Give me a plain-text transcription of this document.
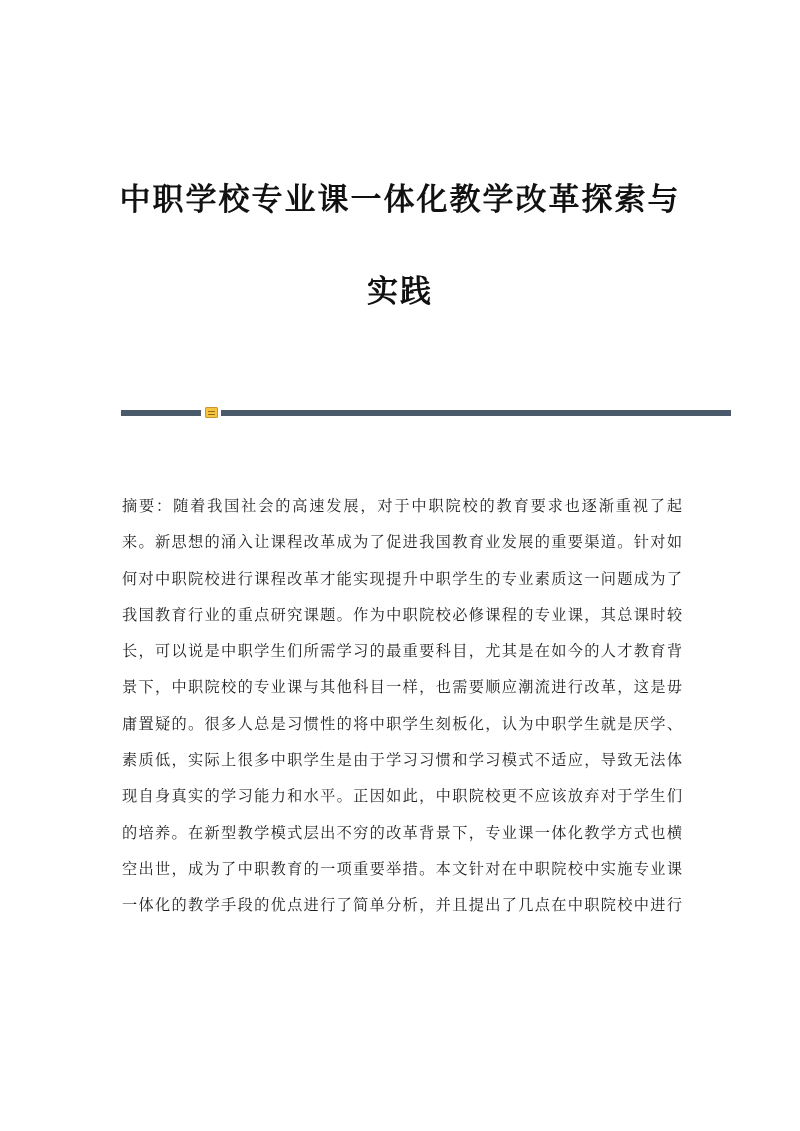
中职学校专业课一体化教学改革探索与
实践
摘要：随着我国社会的高速发展，对于中职院校的教育要求也逐渐重视了起
来。新思想的涌入让课程改革成为了促进我国教育业发展的重要渠道。针对如
何对中职院校进行课程改革才能实现提升中职学生的专业素质这一问题成为了
我国教育行业的重点研究课题。作为中职院校必修课程的专业课，其总课时较
长，可以说是中职学生们所需学习的最重要科目，尤其是在如今的人才教育背
景下，中职院校的专业课与其他科目一样，也需要顺应潮流进行改革，这是毋
庸置疑的。很多人总是习惯性的将中职学生刻板化，认为中职学生就是厌学、
素质低，实际上很多中职学生是由于学习习惯和学习模式不适应，导致无法体
现自身真实的学习能力和水平。正因如此，中职院校更不应该放弃对于学生们
的培养。在新型教学模式层出不穷的改革背景下，专业课一体化教学方式也横
空出世，成为了中职教育的一项重要举措。本文针对在中职院校中实施专业课
一体化的教学手段的优点进行了简单分析，并且提出了几点在中职院校中进行
